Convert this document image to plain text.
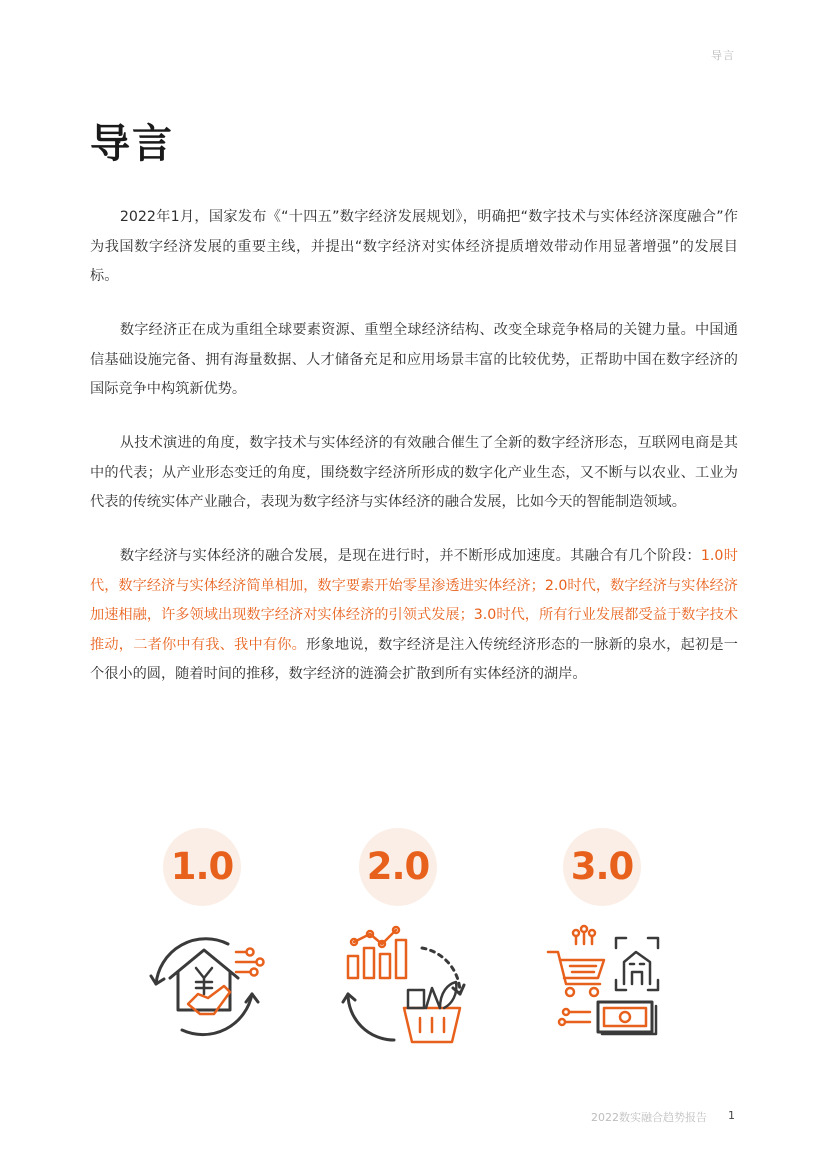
导言
导言

2022年1月，国家发布《“十四五”数字经济发展规划》，明确把“数字技术与实体经济深度融合”作为我国数字经济发展的重要主线，并提出“数字经济对实体经济提质增效带动作用显著增强”的发展目标。

数字经济正在成为重组全球要素资源、重塑全球经济结构、改变全球竞争格局的关键力量。中国通信基础设施完备、拥有海量数据、人才储备充足和应用场景丰富的比较优势，正帮助中国在数字经济的国际竞争中构筑新优势。

从技术演进的角度，数字技术与实体经济的有效融合催生了全新的数字经济形态，互联网电商是其中的代表；从产业形态变迁的角度，围绕数字经济所形成的数字化产业生态，又不断与以农业、工业为代表的传统实体产业融合，表现为数字经济与实体经济的融合发展，比如今天的智能制造领域。

数字经济与实体经济的融合发展，是现在进行时，并不断形成加速度。其融合有几个阶段：1.0时代，数字经济与实体经济简单相加，数字要素开始零星渗透进实体经济；2.0时代，数字经济与实体经济加速相融，许多领域出现数字经济对实体经济的引领式发展；3.0时代，所有行业发展都受益于数字技术推动，二者你中有我、我中有你。形象地说，数字经济是注入传统经济形态的一脉新的泉水，起初是一个很小的圆，随着时间的推移，数字经济的涟漪会扩散到所有实体经济的湖岸。

1.0	2.0	3.0
2022数实融合趋势报告 1
